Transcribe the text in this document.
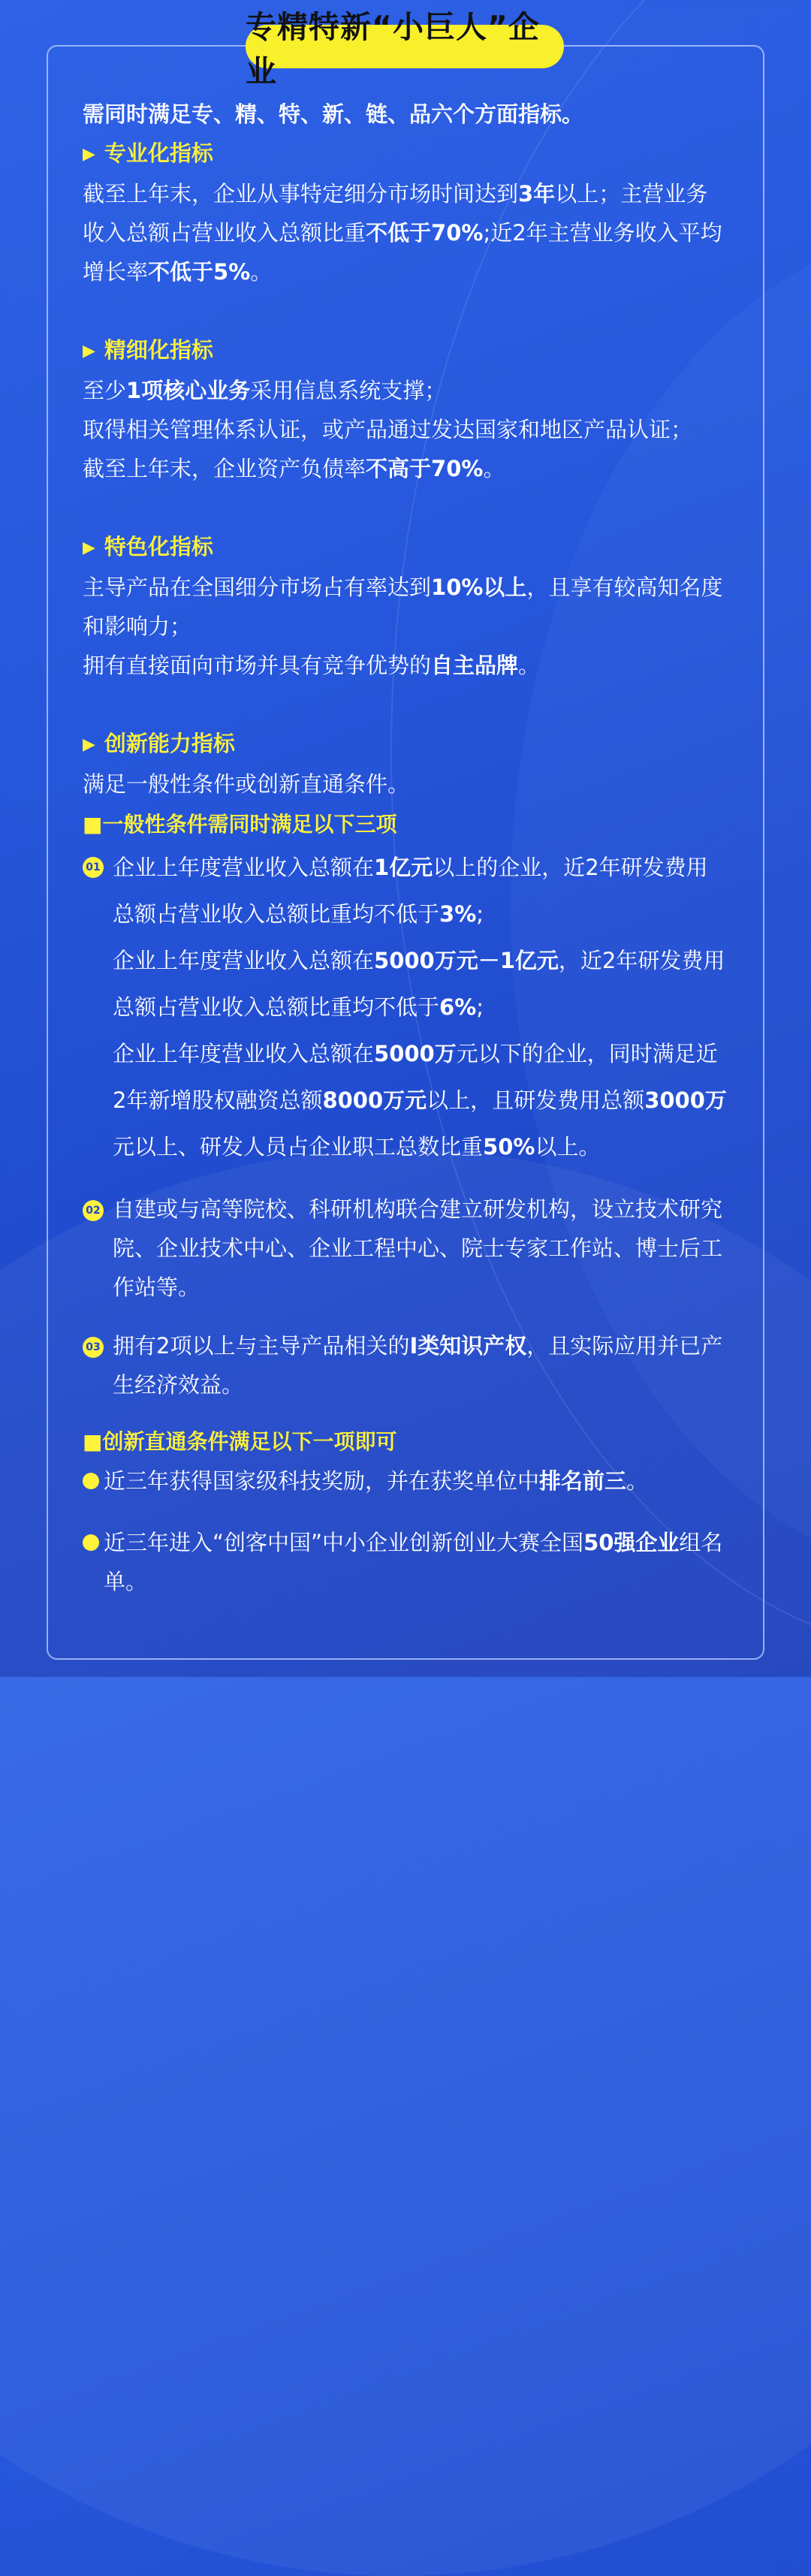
专精特新“小巨人”企业

需同时满足专、精、特、新、链、品六个方面指标。

▶ 专业化指标

截至上年末，企业从事特定细分市场时间达到3年以上；主营业务收入总额占营业收入总额比重不低于70%;近2年主营业务收入平均增长率不低于5%。

▶ 精细化指标

至少1项核心业务采用信息系统支撑；

取得相关管理体系认证，或产品通过发达国家和地区产品认证；

截至上年末，企业资产负债率不高于70%。

▶ 特色化指标

主导产品在全国细分市场占有率达到10%以上，且享有较高知名度和影响力；

拥有直接面向市场并具有竞争优势的自主品牌。

▶ 创新能力指标

满足一般性条件或创新直通条件。

■一般性条件需同时满足以下三项

01 企业上年度营业收入总额在1亿元以上的企业，近2年研发费用总额占营业收入总额比重均不低于3%;
企业上年度营业收入总额在5000万元－1亿元，近2年研发费用总额占营业收入总额比重均不低于6%;
企业上年度营业收入总额在5000万元以下的企业，同时满足近2年新增股权融资总额8000万元以上，且研发费用总额3000万元以上、研发人员占企业职工总数比重50%以上。
02 自建或与高等院校、科研机构联合建立研发机构，设立技术研究院、企业技术中心、企业工程中心、院士专家工作站、博士后工作站等。
03 拥有2项以上与主导产品相关的Ⅰ类知识产权，且实际应用并已产生经济效益。

■创新直通条件满足以下一项即可

近三年获得国家级科技奖励，并在获奖单位中排名前三。
近三年进入“创客中国”中小企业创新创业大赛全国50强企业组名单。
